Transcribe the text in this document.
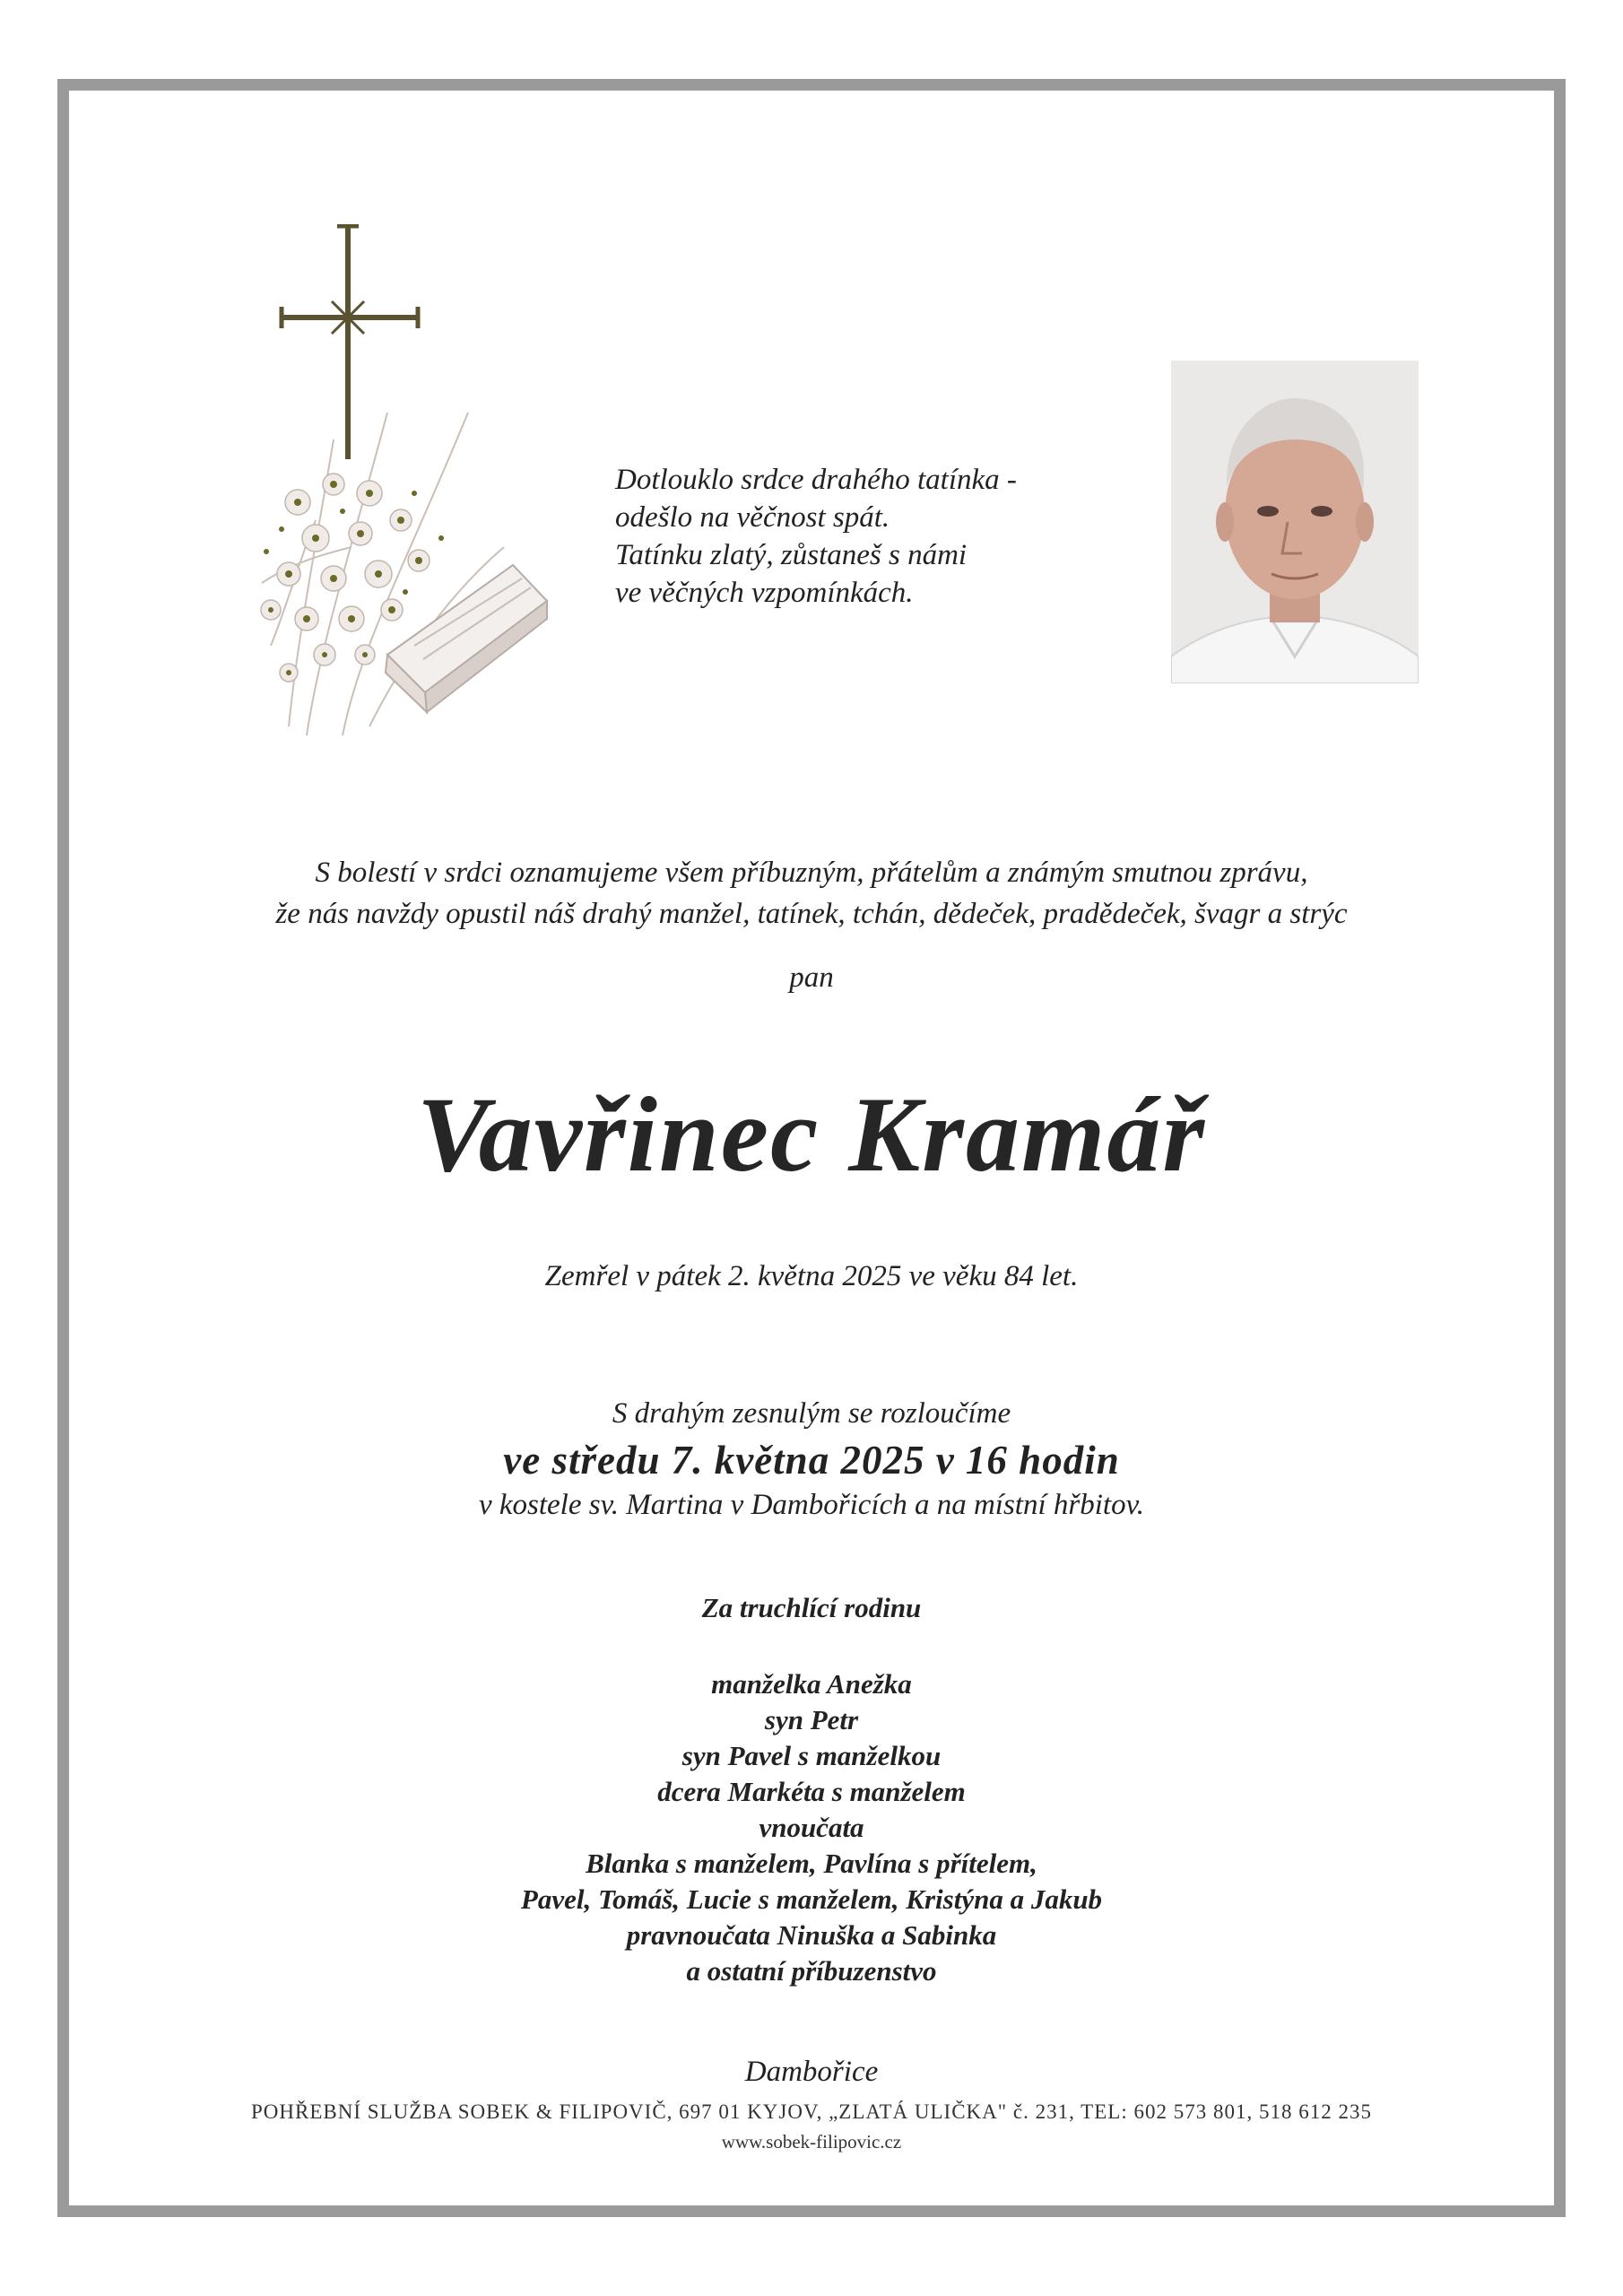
Dotlouklo srdce drahého tatínka -
odešlo na věčnost spát.
Tatínku zlatý, zůstaneš s námi
ve věčných vzpomínkách.
S bolestí v srdci oznamujeme všem příbuzným, přátelům a známým smutnou zprávu,
že nás navždy opustil náš drahý manžel, tatínek, tchán, dědeček, pradědeček, švagr a strýc
pan
Vavřinec Kramář
Zemřel v pátek 2. května 2025 ve věku 84 let.
S drahým zesnulým se rozloučíme
ve středu 7. května 2025 v 16 hodin
v kostele sv. Martina v Dambořicích a na místní hřbitov.
Za truchlící rodinu
manželka Anežka
syn Petr
syn Pavel s manželkou
dcera Markéta s manželem
vnoučata
Blanka s manželem, Pavlína s přítelem,
Pavel, Tomáš, Lucie s manželem, Kristýna a Jakub
pravnoučata Ninuška a Sabinka
a ostatní příbuzenstvo
Dambořice
POHŘEBNÍ SLUŽBA SOBEK & FILIPOVIČ, 697 01 KYJOV, „ZLATÁ ULIČKA" č. 231, TEL: 602 573 801, 518 612 235
www.sobek-filipovic.cz
